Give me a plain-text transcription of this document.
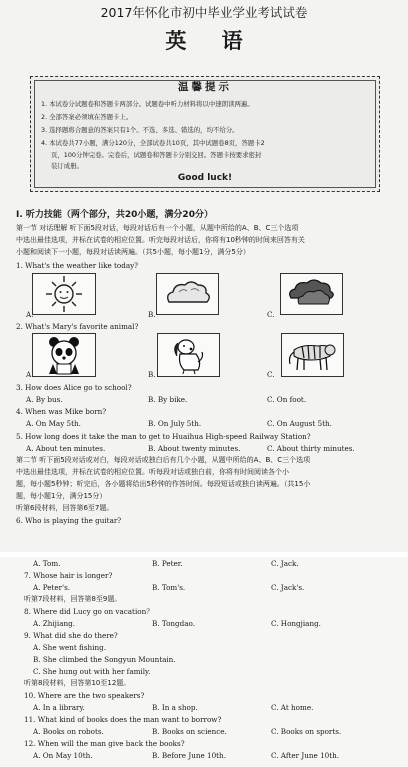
2017年怀化市初中毕业学业考试试卷
英 语
温馨提示
1. 本试卷分试题卷和答题卡两部分。试题卷中听力材料将以中速朗读两遍。
2. 全部答案必须填在答题卡上。
3. 选择题将合题意的答案只有1个。不选、多选、错选的，均不给分。
4. 本试卷共77小题，满分120分，全部试卷共10页，其中试题卷8页，答题卡2
页，100分钟完卷。完卷后，试题卷和答题卡分别交回。答题卡按要求密封
装订成册。
Good luck!
Ⅰ. 听力技能（两个部分，共20小题，满分20分）
第一节 对话理解 听下面5段对话，每段对话后有一个小题，从题中所给的A、B、C三个选项
中选出最佳选项，并标在试卷的相应位置。听完每段对话后，你将有10秒钟的时间来回答有关
小题和阅读下一小题，每段对话读两遍。（共5小题，每小题1分，满分5分）
1. What's the weather like today?
A.	B.	C.
2. What's Mary's favorite animal?
A.	B.	C.
3. How does Alice go to school?
A. By bus.	B. By bike.	C. On foot.
4. When was Mike born?
A. On May 5th.	B. On July 5th.	C. On August 5th.
5. How long does it take the man to get to Huaihua High-speed Railway Station?
A. About ten minutes.	B. About twenty minutes.	C. About thirty minutes.
第二节 听下面5段对话或对白，每段对话或独白后有几个小题，从题中所给的A、B、C三个选项
中选出最佳选项，并标在试卷的相应位置。听每段对话或独白前，你将有时间阅读各个小
题，每小题5秒钟；听完后，各小题将给出5秒钟的作答时间。每段短话或独白读两遍。（共15小
题，每小题1分，满分15分）
听第6段材料，回答第6至7题。
6. Who is playing the guitar?
A. Tom.	B. Peter.	C. Jack.
7. Whose hair is longer?
A. Peter's.	B. Tom's.	C. Jack's.
听第7段材料，回答第8至9题。
8. Where did Lucy go on vacation？
A. Zhijiang.	B. Tongdao.	C. Hongjiang.
9. What did she do there?
A. She went fishing.
B. She climbed the Songyun Mountain.
C. She hung out with her family.
听第8段材料，回答第10至12题。
10. Where are the two speakers?
A. In a library.	B. In a shop.	C. At home.
11. What kind of books does the man want to borrow?
A. Books on robots.	B. Books on science.	C. Books on sports.
12. When will the man give back the books?
A. On May 10th.	B. Before June 10th.	C. After June 10th.
